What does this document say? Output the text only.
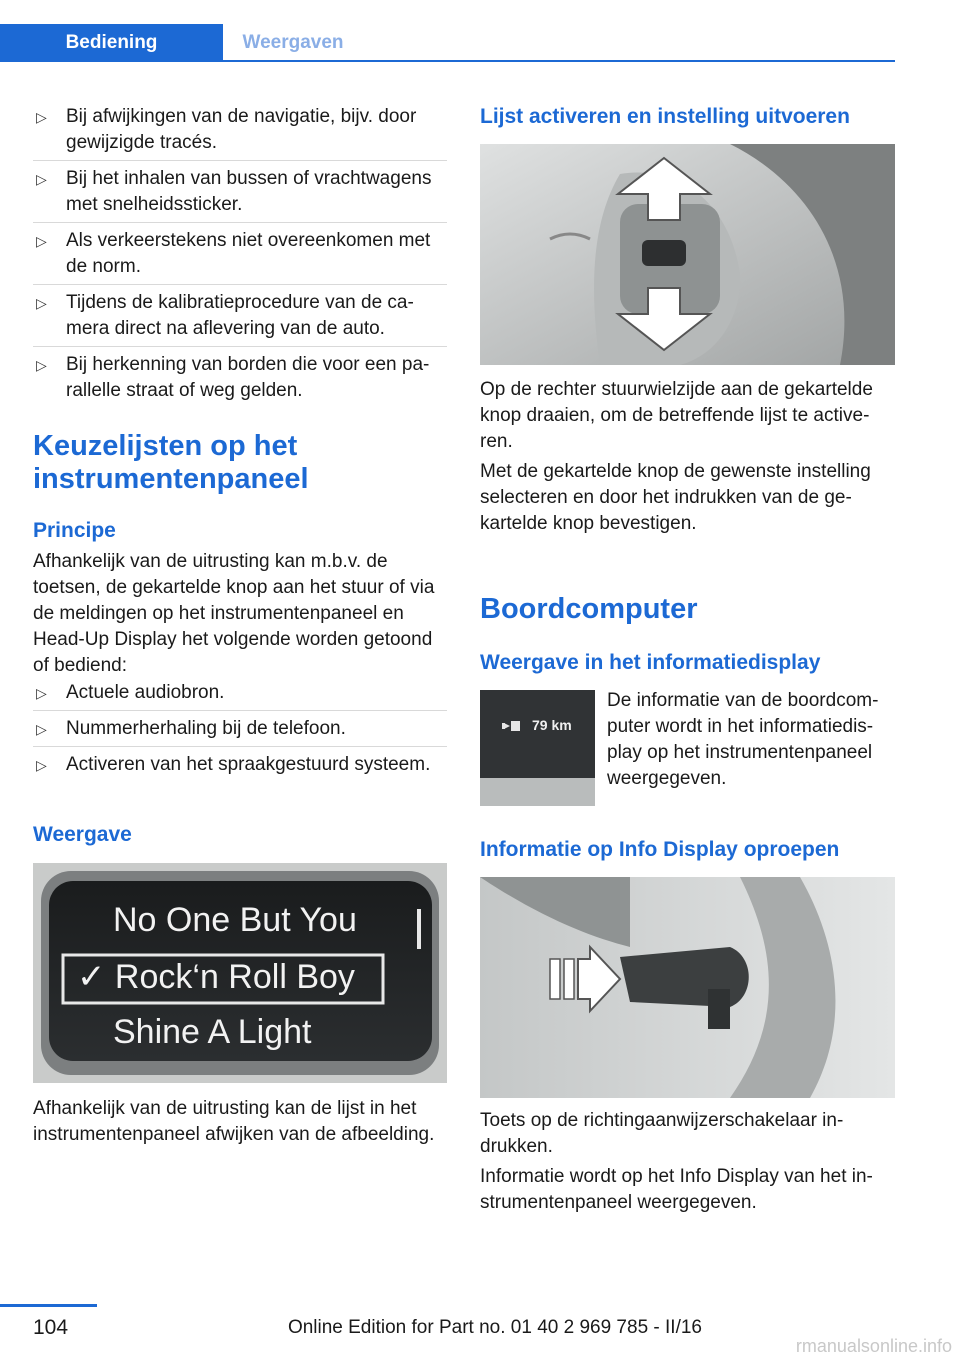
Bediening	Weergaven
▷ Bij afwijkingen van de navigatie, bijv. door gewijzigde tracés.
▷ Bij het inhalen van bussen of vrachtwagens met snelheidssticker.
▷ Als verkeerstekens niet overeenkomen met de norm.
▷ Tijdens de kalibratieprocedure van de camera direct na aflevering van de auto.
▷ Bij herkenning van borden die voor een parallelle straat of weg gelden.
Keuzelijsten op het instrumentenpaneel
Principe

Afhankelijk van de uitrusting kan m.b.v. de toetsen, de gekartelde knop aan het stuur of via de meldingen op het instrumentenpaneel en Head-Up Display het volgende worden getoond of bediend:

▷ Actuele audiobron.
▷ Nummerherhaling bij de telefoon.
▷ Activeren van het spraakgestuurd systeem.
Weergave
No One But You
✓ Rock‘n Roll Boy
Shine A Light

Afhankelijk van de uitrusting kan de lijst in het instrumentenpaneel afwijken van de afbeelding.

Lijst activeren en instelling uitvoeren

Op de rechter stuurwielzijde aan de gekartelde knop draaien, om de betreffende lijst te activeren.

Met de gekartelde knop de gewenste instelling selecteren en door het indrukken van de gekartelde knop bevestigen.

Boordcomputer
Weergave in het informatiedisplay
79 km

De informatie van de boordcomputer wordt in het informatiedisplay op het instrumentenpaneel weergegeven.

Informatie op Info Display oproepen

Toets op de richtingaanwijzerschakelaar indrukken.

Informatie wordt op het Info Display van het instrumentenpaneel weergegeven.

104	Online Edition for Part no. 01 40 2 969 785 - II/16
rmanualsonline.info
